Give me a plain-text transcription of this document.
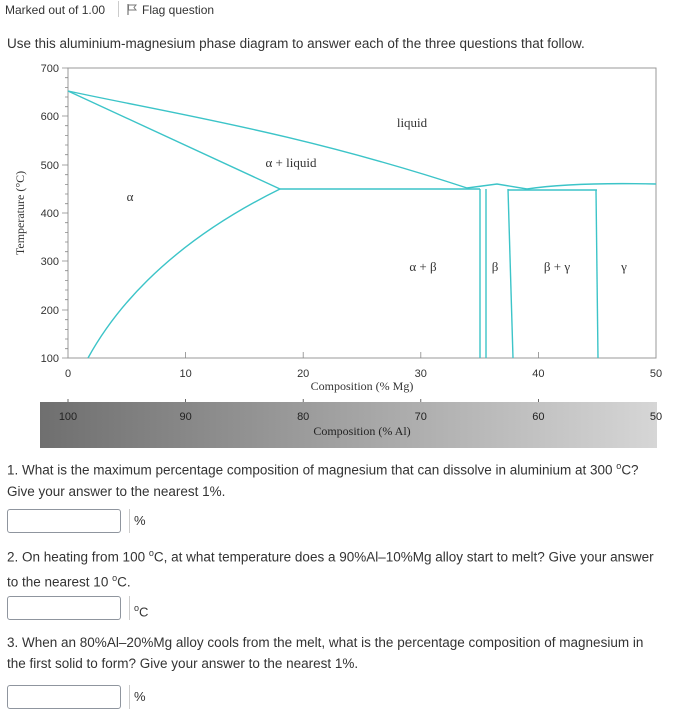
Marked out of 1.00	Flag question
Use this aluminium-magnesium phase diagram to answer each of the three questions that follow.
700
600
500
400
300
200
100
Temperature (°C)
0	10	20	30	40	50
Composition (% Mg)
100	90	80	70	60	50
Composition (% Al)
liquid
α + liquid
α
α + β	β	β + γ	γ
1. What is the maximum percentage composition of magnesium that can dissolve in aluminium at 300 $^o$C? Give your answer to the nearest 1%.
%
2. On heating from 100 $^o$C, at what temperature does a 90%Al–10%Mg alloy start to melt? Give your answer to the nearest 10 $^o$C.
$^o$C
3. When an 80%Al–20%Mg alloy cools from the melt, what is the percentage composition of magnesium in the first solid to form? Give your answer to the nearest 1%.
%
